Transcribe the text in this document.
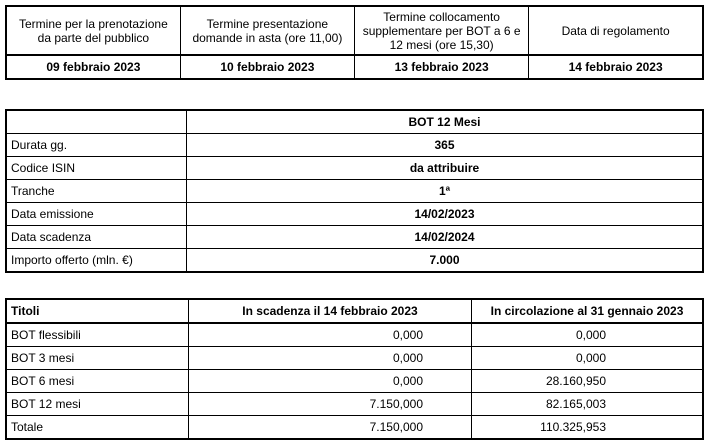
Termine per la prenotazione da parte del pubblico	Termine presentazione domande in asta (ore 11,00)	Termine collocamento supplementare per BOT a 6 e 12 mesi (ore 15,30)	Data di regolamento
09 febbraio 2023	10 febbraio 2023	13 febbraio 2023	14 febbraio 2023
	BOT 12 Mesi
Durata gg.	365
Codice ISIN	da attribuire
Tranche	1ª
Data emissione	14/02/2023
Data scadenza	14/02/2024
Importo offerto (mln. €)	7.000
Titoli	In scadenza il 14 febbraio 2023	In circolazione al 31 gennaio 2023
BOT flessibili	0,000	0,000
BOT 3 mesi	0,000	0,000
BOT 6 mesi	0,000	28.160,950
BOT 12 mesi	7.150,000	82.165,003
Totale	7.150,000	110.325,953
